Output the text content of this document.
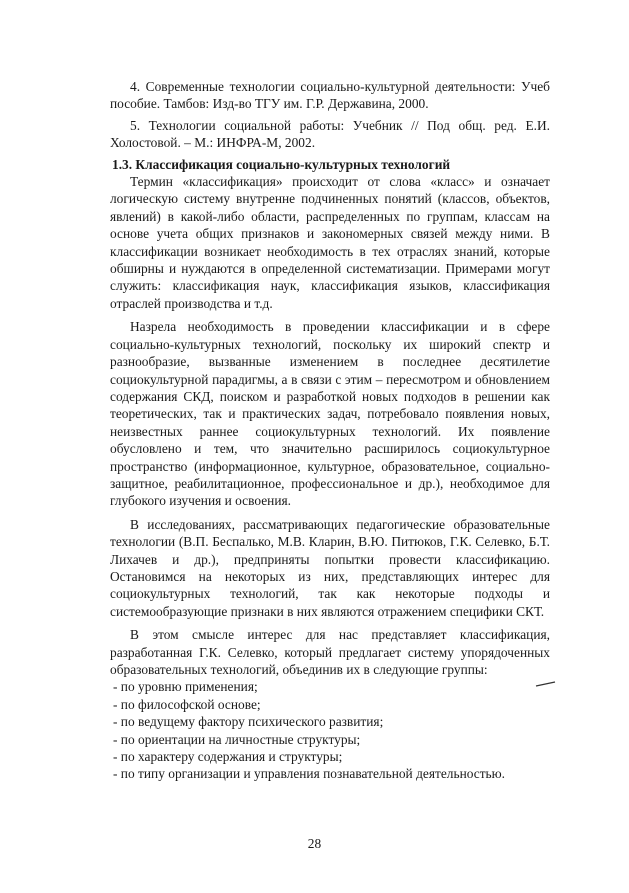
4. Современные технологии социально-культурной деятельности: Учеб пособие. Тамбов: Изд-во ТГУ им. Г.Р. Державина, 2000.

5. Технологии социальной работы: Учебник // Под общ. ред. Е.И. Холостовой. – М.: ИНФРА-М, 2002.

1.3. Классификация социально-культурных технологий

Термин «классификация» происходит от слова «класс» и означает логическую систему внутренне подчиненных понятий (классов, объектов, явлений) в какой-либо области, распределенных по группам, классам на основе учета общих признаков и закономерных связей между ними. В классификации возникает необходимость в тех отраслях знаний, которые обширны и нуждаются в определенной систематизации. Примерами могут служить: классификация наук, классификация языков, классификация отраслей производства и т.д.

Назрела необходимость в проведении классификации и в сфере социально-культурных технологий, поскольку их широкий спектр и разнообразие, вызванные изменением в последнее десятилетие социокультурной парадигмы, а в связи с этим – пересмотром и обновлением содержания СКД, поиском и разработкой новых подходов в решении как теоретических, так и практических задач, потребовало появления новых, неизвестных раннее социокультурных технологий. Их появление обусловлено и тем, что значительно расширилось социокультурное пространство (информационное, культурное, образовательное, социально-защитное, реабилитационное, профессиональное и др.), необходимое для глубокого изучения и освоения.

В исследованиях, рассматривающих педагогические образовательные технологии (В.П. Беспалько, М.В. Кларин, В.Ю. Питюков, Г.К. Селевко, Б.Т. Лихачев и др.), предприняты попытки провести классификацию. Остановимся на некоторых из них, представляющих интерес для социокультурных технологий, так как некоторые подходы и системообразующие признаки в них являются отражением специфики СКТ.

В этом смысле интерес для нас представляет классификация, разработанная Г.К. Селевко, который предлагает систему упорядоченных образовательных технологий, объединив их в следующие группы:

- по уровню применения;
- по философской основе;
- по ведущему фактору психического развития;
- по ориентации на личностные структуры;
- по характеру содержания и структуры;
- по типу организации и управления познавательной деятельностью.
28
